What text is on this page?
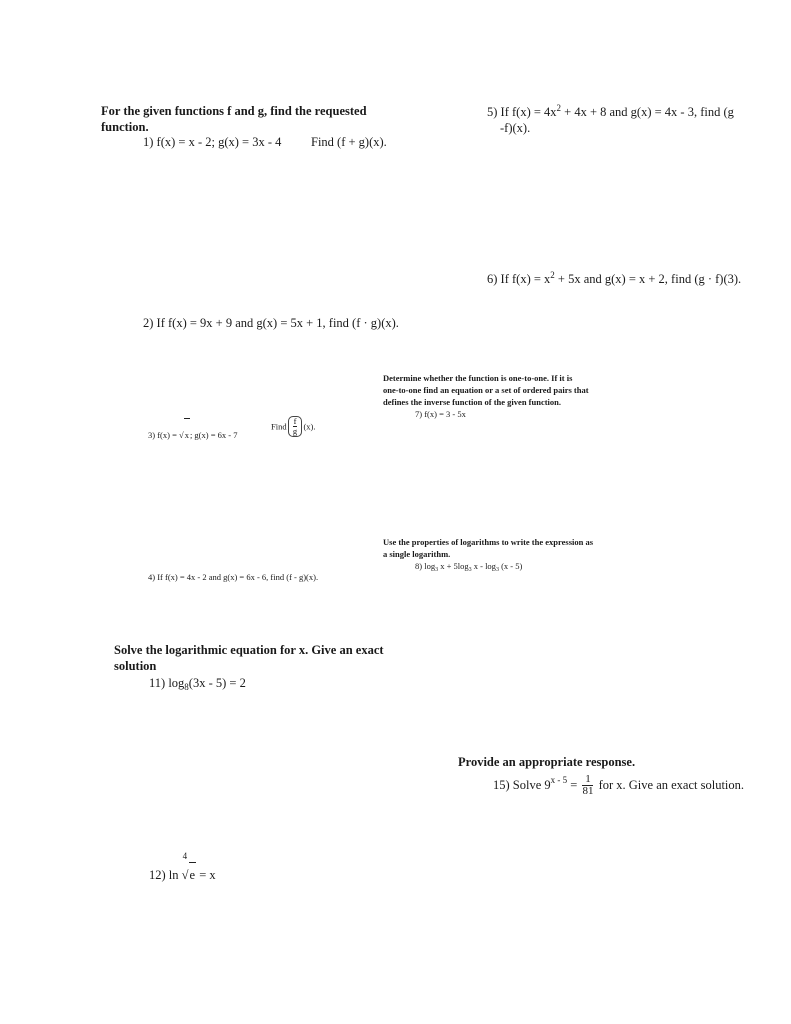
For the given functions f and g, find the requested
function.
1) f(x) = x - 2; g(x) = 3x - 4 Find (f + g)(x).
5) If $f(x) = 4x^2 + 4x + 8$ and g(x) = 4x - 3, find (g
-f)(x).
6) If $f(x) = x^2 + 5x$ and g(x) = x + 2, find (g · f)(3).
2) If f(x) = 9x + 9 and g(x) = 5x + 1, find (f · g)(x).
Determine whether the function is one-to-one. If it is
one-to-one find an equation or a set of ordered pairs that
defines the inverse function of the given function.
7) f(x) = 3 - 5x
3) f(x) = √x; g(x) = 6x - 7
Find $\frac{f}{g} (x)$.
Use the properties of logarithms to write the expression as
a single logarithm.
8) $\log_3 x + 5\log_3$ x - $\log_3 (x - 5)$
4) If f(x) = 4x - 2 and g(x) = 6x - 6, find (f - g)(x).
Solve the logarithmic equation for x. Give an exact
solution
11) $\log_8(3x - 5) = 2$
Provide an appropriate response.
15) Solve $9^{x - 5} = \frac{1}{81}$ for x. Give an exact solution.
12) ln
4
√e = x
